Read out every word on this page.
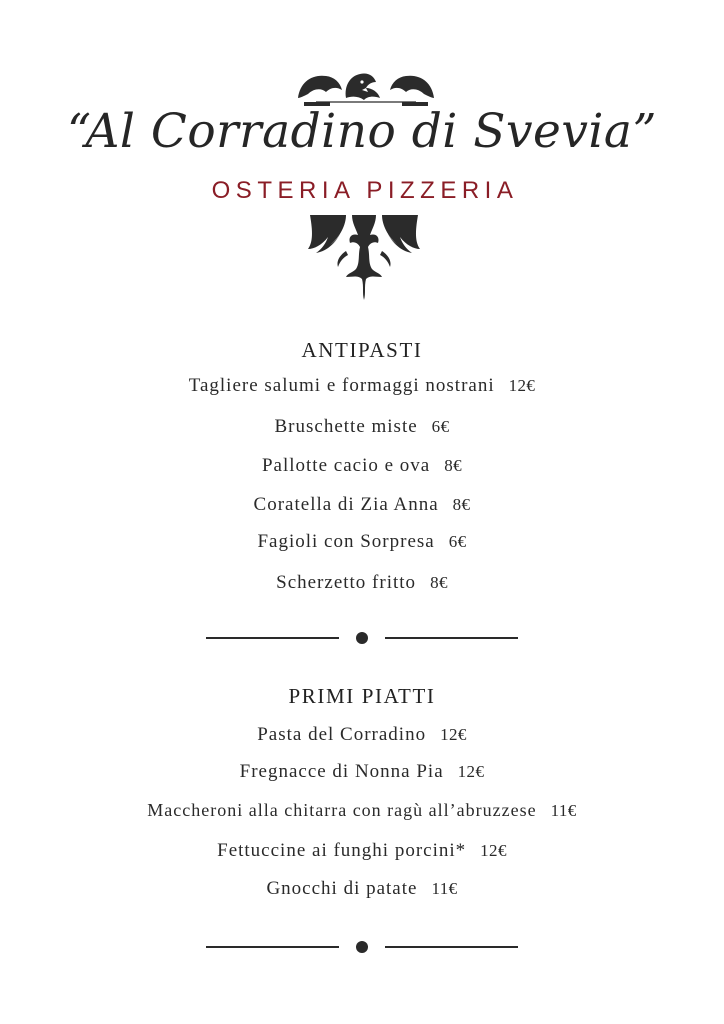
“Al Corradino di Svevia”
OSTERIA PIZZERIA
ANTIPASTI
Tagliere salumi e formaggi nostrani 12€
Bruschette miste 6€
Pallotte cacio e ova 8€
Coratella di Zia Anna 8€
Fagioli con Sorpresa 6€
Scherzetto fritto 8€
PRIMI PIATTI
Pasta del Corradino 12€
Fregnacce di Nonna Pia 12€
Maccheroni alla chitarra con ragù all’abruzzese 11€
Fettuccine ai funghi porcini* 12€
Gnocchi di patate 11€
